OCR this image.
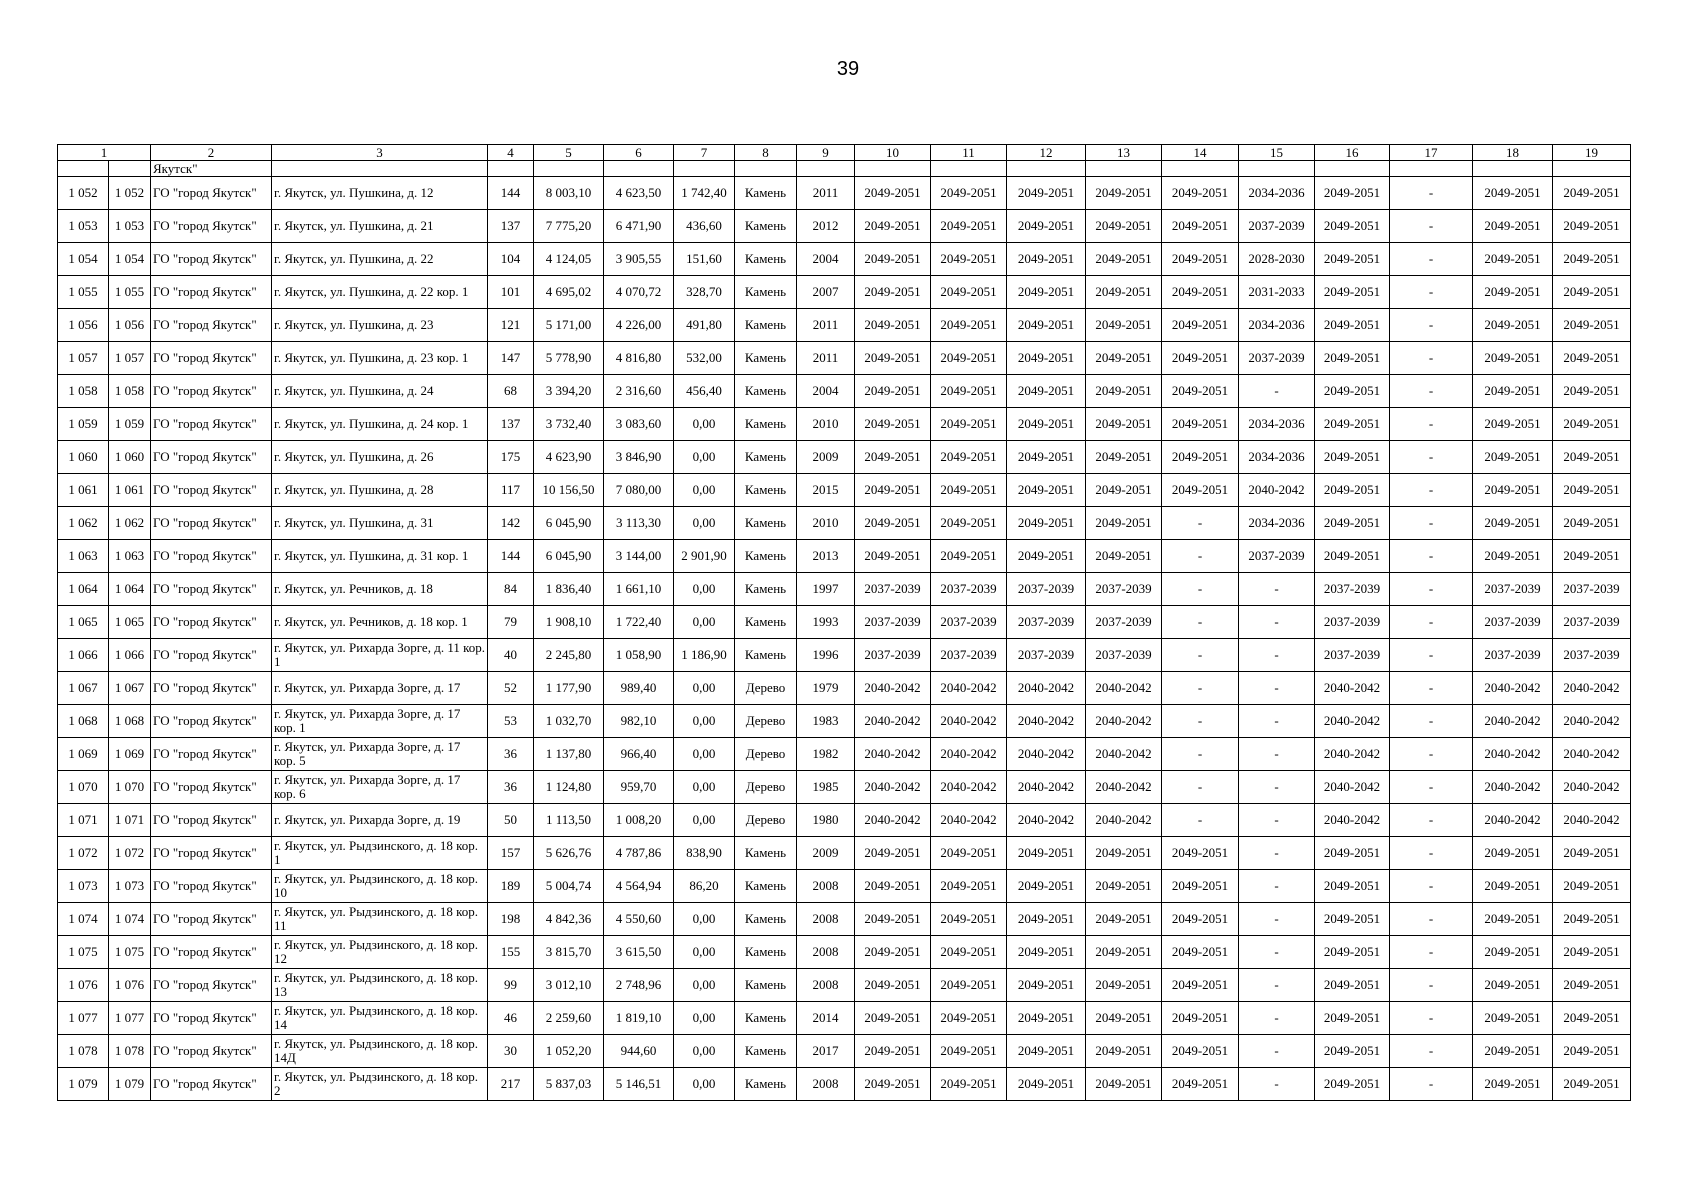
39
1		2	3	4	5	6	7	8	9	10	11	12	13	14	15	16	17	18	19
		Якутск"																	
1 052	1 052	ГО "город Якутск"	г. Якутск, ул. Пушкина, д. 12	144	8 003,10	4 623,50	1 742,40	Камень	2011	2049-2051	2049-2051	2049-2051	2049-2051	2049-2051	2034-2036	2049-2051	-	2049-2051	2049-2051
1 053	1 053	ГО "город Якутск"	г. Якутск, ул. Пушкина, д. 21	137	7 775,20	6 471,90	436,60	Камень	2012	2049-2051	2049-2051	2049-2051	2049-2051	2049-2051	2037-2039	2049-2051	-	2049-2051	2049-2051
1 054	1 054	ГО "город Якутск"	г. Якутск, ул. Пушкина, д. 22	104	4 124,05	3 905,55	151,60	Камень	2004	2049-2051	2049-2051	2049-2051	2049-2051	2049-2051	2028-2030	2049-2051	-	2049-2051	2049-2051
1 055	1 055	ГО "город Якутск"	г. Якутск, ул. Пушкина, д. 22 кор. 1	101	4 695,02	4 070,72	328,70	Камень	2007	2049-2051	2049-2051	2049-2051	2049-2051	2049-2051	2031-2033	2049-2051	-	2049-2051	2049-2051
1 056	1 056	ГО "город Якутск"	г. Якутск, ул. Пушкина, д. 23	121	5 171,00	4 226,00	491,80	Камень	2011	2049-2051	2049-2051	2049-2051	2049-2051	2049-2051	2034-2036	2049-2051	-	2049-2051	2049-2051
1 057	1 057	ГО "город Якутск"	г. Якутск, ул. Пушкина, д. 23 кор. 1	147	5 778,90	4 816,80	532,00	Камень	2011	2049-2051	2049-2051	2049-2051	2049-2051	2049-2051	2037-2039	2049-2051	-	2049-2051	2049-2051
1 058	1 058	ГО "город Якутск"	г. Якутск, ул. Пушкина, д. 24	68	3 394,20	2 316,60	456,40	Камень	2004	2049-2051	2049-2051	2049-2051	2049-2051	2049-2051	-	2049-2051	-	2049-2051	2049-2051
1 059	1 059	ГО "город Якутск"	г. Якутск, ул. Пушкина, д. 24 кор. 1	137	3 732,40	3 083,60	0,00	Камень	2010	2049-2051	2049-2051	2049-2051	2049-2051	2049-2051	2034-2036	2049-2051	-	2049-2051	2049-2051
1 060	1 060	ГО "город Якутск"	г. Якутск, ул. Пушкина, д. 26	175	4 623,90	3 846,90	0,00	Камень	2009	2049-2051	2049-2051	2049-2051	2049-2051	2049-2051	2034-2036	2049-2051	-	2049-2051	2049-2051
1 061	1 061	ГО "город Якутск"	г. Якутск, ул. Пушкина, д. 28	117	10 156,50	7 080,00	0,00	Камень	2015	2049-2051	2049-2051	2049-2051	2049-2051	2049-2051	2040-2042	2049-2051	-	2049-2051	2049-2051
1 062	1 062	ГО "город Якутск"	г. Якутск, ул. Пушкина, д. 31	142	6 045,90	3 113,30	0,00	Камень	2010	2049-2051	2049-2051	2049-2051	2049-2051	-	2034-2036	2049-2051	-	2049-2051	2049-2051
1 063	1 063	ГО "город Якутск"	г. Якутск, ул. Пушкина, д. 31 кор. 1	144	6 045,90	3 144,00	2 901,90	Камень	2013	2049-2051	2049-2051	2049-2051	2049-2051	-	2037-2039	2049-2051	-	2049-2051	2049-2051
1 064	1 064	ГО "город Якутск"	г. Якутск, ул. Речников, д. 18	84	1 836,40	1 661,10	0,00	Камень	1997	2037-2039	2037-2039	2037-2039	2037-2039	-	-	2037-2039	-	2037-2039	2037-2039
1 065	1 065	ГО "город Якутск"	г. Якутск, ул. Речников, д. 18 кор. 1	79	1 908,10	1 722,40	0,00	Камень	1993	2037-2039	2037-2039	2037-2039	2037-2039	-	-	2037-2039	-	2037-2039	2037-2039
1 066	1 066	ГО "город Якутск"	г. Якутск, ул. Рихарда Зорге, д. 11 кор. 1	40	2 245,80	1 058,90	1 186,90	Камень	1996	2037-2039	2037-2039	2037-2039	2037-2039	-	-	2037-2039	-	2037-2039	2037-2039
1 067	1 067	ГО "город Якутск"	г. Якутск, ул. Рихарда Зорге, д. 17	52	1 177,90	989,40	0,00	Дерево	1979	2040-2042	2040-2042	2040-2042	2040-2042	-	-	2040-2042	-	2040-2042	2040-2042
1 068	1 068	ГО "город Якутск"	г. Якутск, ул. Рихарда Зорге, д. 17 кор. 1	53	1 032,70	982,10	0,00	Дерево	1983	2040-2042	2040-2042	2040-2042	2040-2042	-	-	2040-2042	-	2040-2042	2040-2042
1 069	1 069	ГО "город Якутск"	г. Якутск, ул. Рихарда Зорге, д. 17 кор. 5	36	1 137,80	966,40	0,00	Дерево	1982	2040-2042	2040-2042	2040-2042	2040-2042	-	-	2040-2042	-	2040-2042	2040-2042
1 070	1 070	ГО "город Якутск"	г. Якутск, ул. Рихарда Зорге, д. 17 кор. 6	36	1 124,80	959,70	0,00	Дерево	1985	2040-2042	2040-2042	2040-2042	2040-2042	-	-	2040-2042	-	2040-2042	2040-2042
1 071	1 071	ГО "город Якутск"	г. Якутск, ул. Рихарда Зорге, д. 19	50	1 113,50	1 008,20	0,00	Дерево	1980	2040-2042	2040-2042	2040-2042	2040-2042	-	-	2040-2042	-	2040-2042	2040-2042
1 072	1 072	ГО "город Якутск"	г. Якутск, ул. Рыдзинского, д. 18 кор. 1	157	5 626,76	4 787,86	838,90	Камень	2009	2049-2051	2049-2051	2049-2051	2049-2051	2049-2051	-	2049-2051	-	2049-2051	2049-2051
1 073	1 073	ГО "город Якутск"	г. Якутск, ул. Рыдзинского, д. 18 кор. 10	189	5 004,74	4 564,94	86,20	Камень	2008	2049-2051	2049-2051	2049-2051	2049-2051	2049-2051	-	2049-2051	-	2049-2051	2049-2051
1 074	1 074	ГО "город Якутск"	г. Якутск, ул. Рыдзинского, д. 18 кор. 11	198	4 842,36	4 550,60	0,00	Камень	2008	2049-2051	2049-2051	2049-2051	2049-2051	2049-2051	-	2049-2051	-	2049-2051	2049-2051
1 075	1 075	ГО "город Якутск"	г. Якутск, ул. Рыдзинского, д. 18 кор. 12	155	3 815,70	3 615,50	0,00	Камень	2008	2049-2051	2049-2051	2049-2051	2049-2051	2049-2051	-	2049-2051	-	2049-2051	2049-2051
1 076	1 076	ГО "город Якутск"	г. Якутск, ул. Рыдзинского, д. 18 кор. 13	99	3 012,10	2 748,96	0,00	Камень	2008	2049-2051	2049-2051	2049-2051	2049-2051	2049-2051	-	2049-2051	-	2049-2051	2049-2051
1 077	1 077	ГО "город Якутск"	г. Якутск, ул. Рыдзинского, д. 18 кор. 14	46	2 259,60	1 819,10	0,00	Камень	2014	2049-2051	2049-2051	2049-2051	2049-2051	2049-2051	-	2049-2051	-	2049-2051	2049-2051
1 078	1 078	ГО "город Якутск"	г. Якутск, ул. Рыдзинского, д. 18 кор. 14Д	30	1 052,20	944,60	0,00	Камень	2017	2049-2051	2049-2051	2049-2051	2049-2051	2049-2051	-	2049-2051	-	2049-2051	2049-2051
1 079	1 079	ГО "город Якутск"	г. Якутск, ул. Рыдзинского, д. 18 кор. 2	217	5 837,03	5 146,51	0,00	Камень	2008	2049-2051	2049-2051	2049-2051	2049-2051	2049-2051	-	2049-2051	-	2049-2051	2049-2051
